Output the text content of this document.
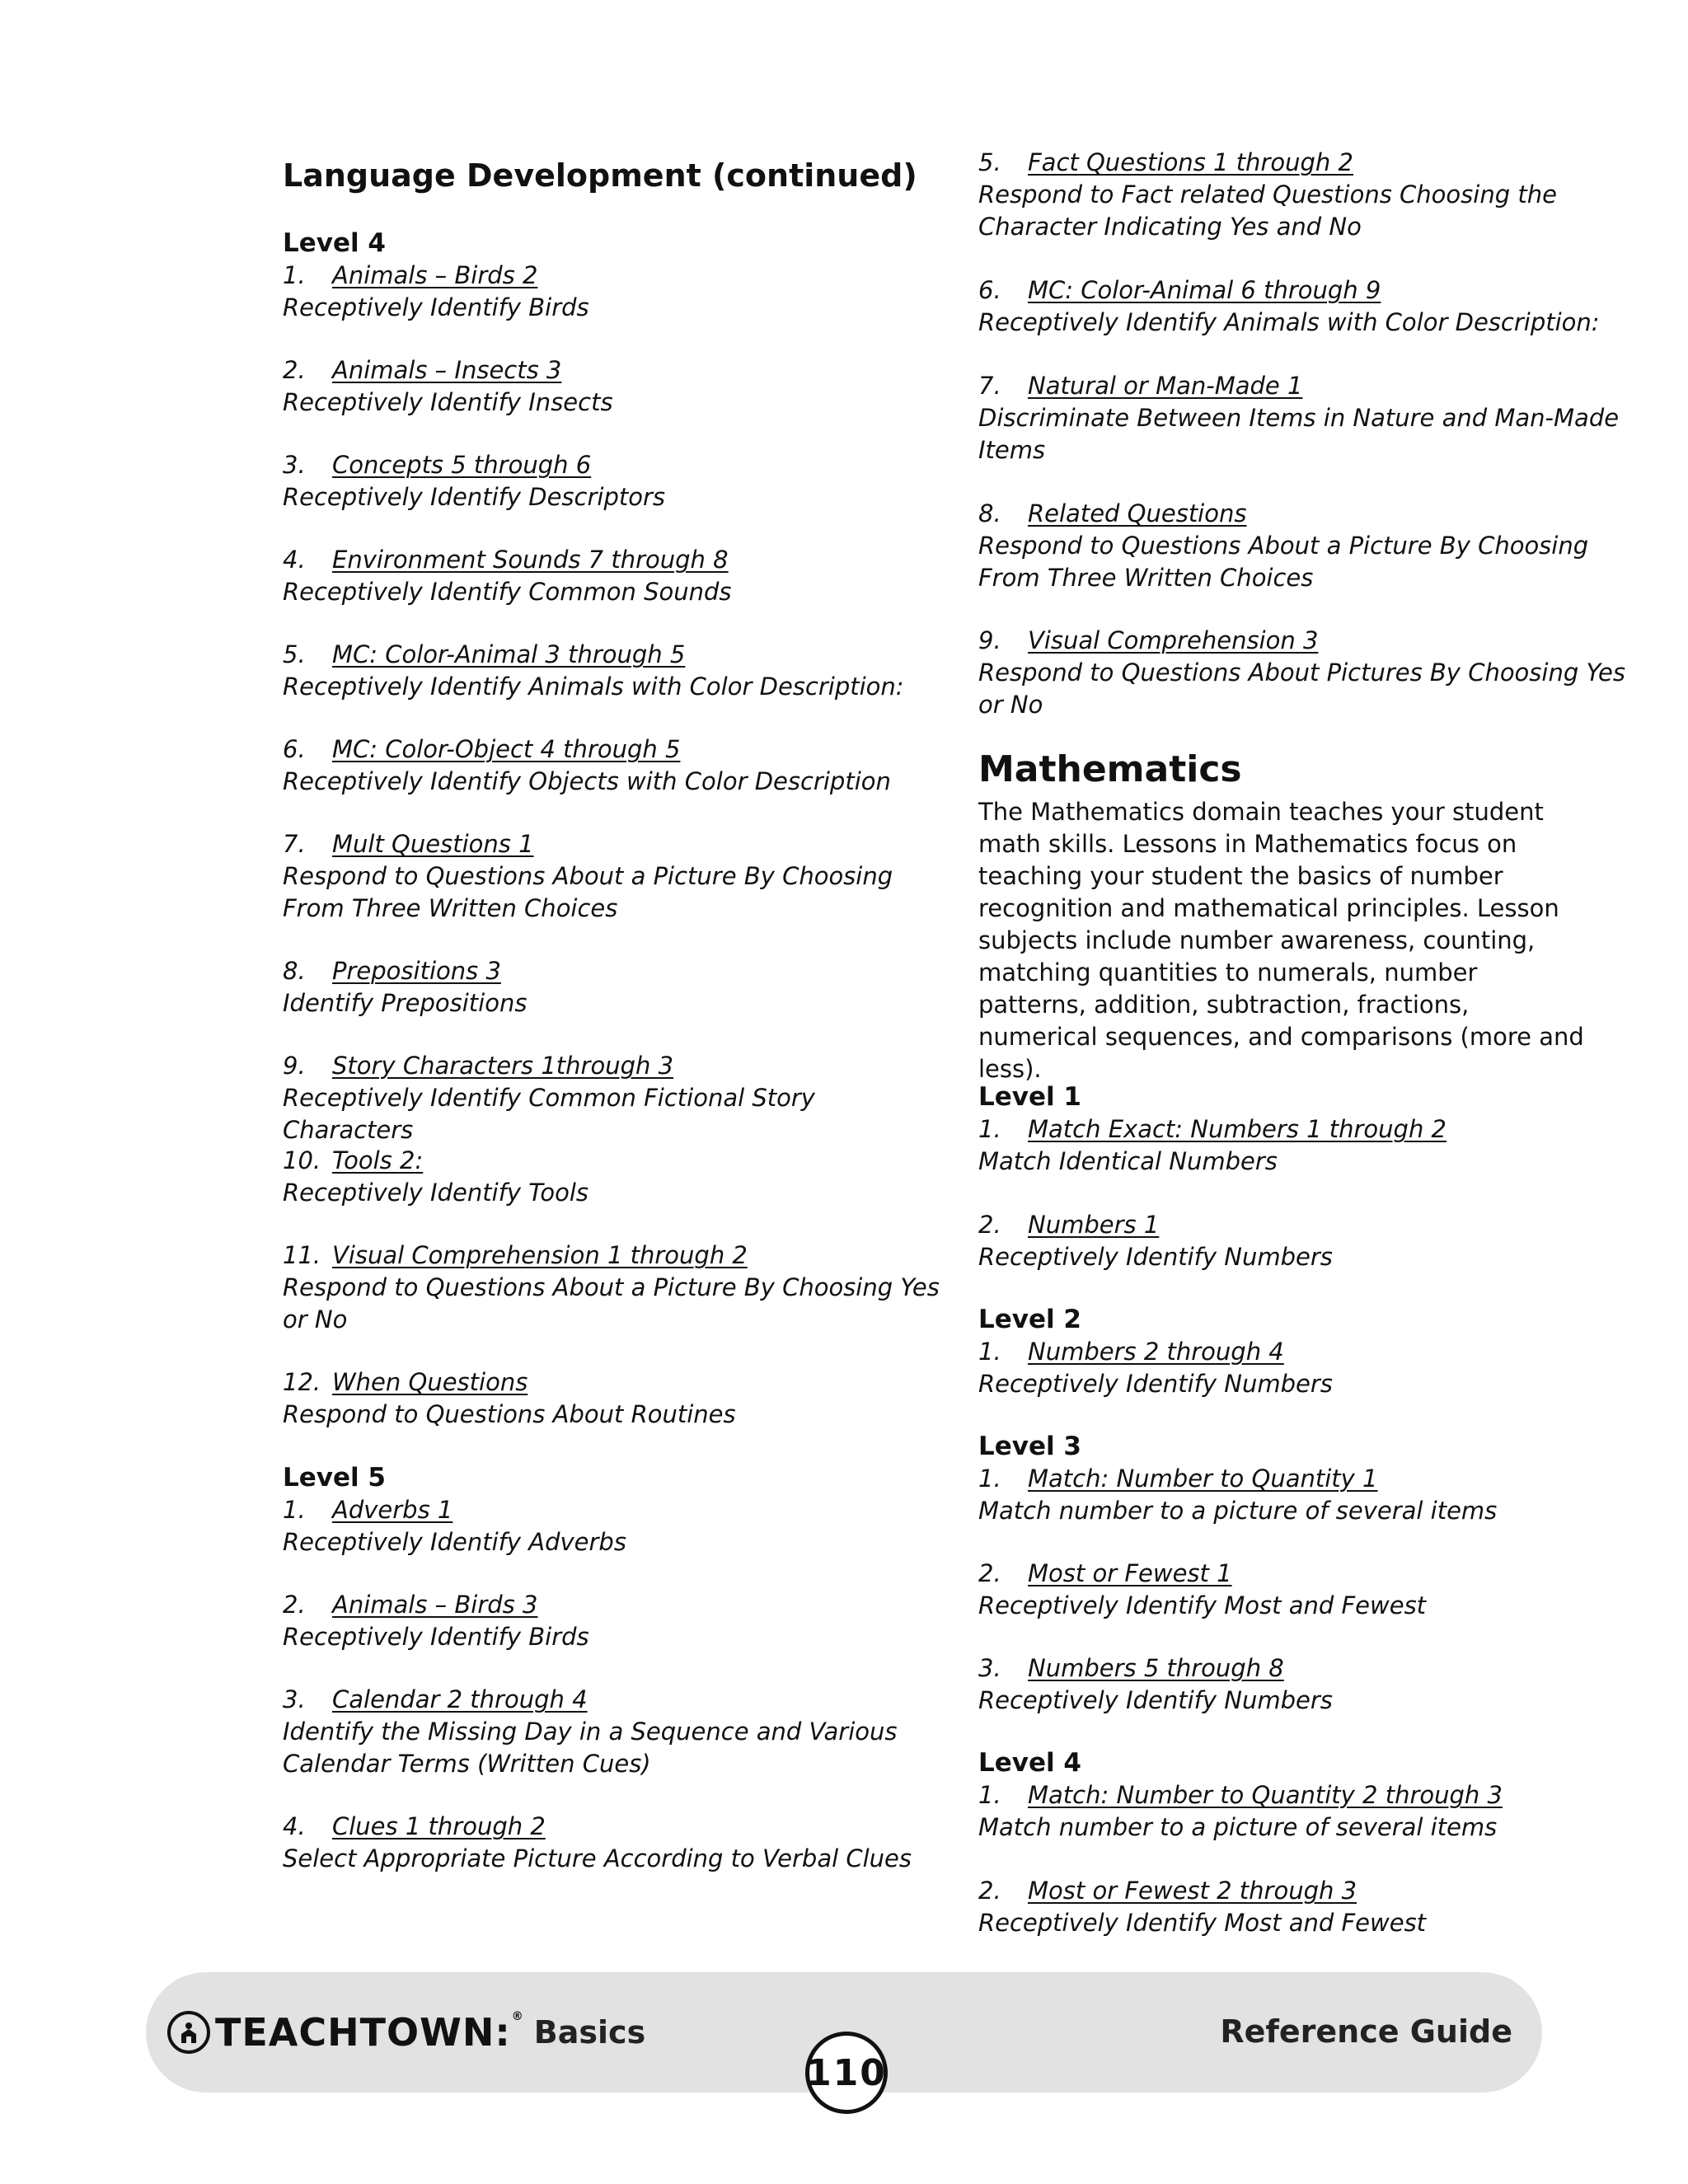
Language Development (continued)
Level 4
1. Animals – Birds 2
Receptively Identify Birds
2. Animals – Insects 3
Receptively Identify Insects
3. Concepts 5 through 6
Receptively Identify Descriptors
4. Environment Sounds 7 through 8
Receptively Identify Common Sounds
5. MC: Color-Animal 3 through 5
Receptively Identify Animals with Color Description:
6. MC: Color-Object 4 through 5
Receptively Identify Objects with Color Description
7. Mult Questions 1
Respond to Questions About a Picture By Choosing From Three Written Choices
8. Prepositions 3
Identify Prepositions
9. Story Characters 1through 3
Receptively Identify Common Fictional Story Characters
10. Tools 2:
Receptively Identify Tools
11. Visual Comprehension 1 through 2
Respond to Questions About a Picture By Choosing Yes or No
12. When Questions
Respond to Questions About Routines
Level 5
1. Adverbs 1
Receptively Identify Adverbs
2. Animals – Birds 3
Receptively Identify Birds
3. Calendar 2 through 4
Identify the Missing Day in a Sequence and Various Calendar Terms (Written Cues)
4. Clues 1 through 2
Select Appropriate Picture According to Verbal Clues
5. Fact Questions 1 through 2
Respond to Fact related Questions Choosing the Character Indicating Yes and No
6. MC: Color-Animal 6 through 9
Receptively Identify Animals with Color Description:
7. Natural or Man-Made 1
Discriminate Between Items in Nature and Man-Made Items
8. Related Questions
Respond to Questions About a Picture By Choosing From Three Written Choices
9. Visual Comprehension 3
Respond to Questions About Pictures By Choosing Yes or No
Mathematics
The Mathematics domain teaches your student math skills. Lessons in Mathematics focus on teaching your student the basics of number recognition and mathematical principles. Lesson subjects include number awareness, counting, matching quantities to numerals, number patterns, addition, subtraction, fractions, numerical sequences, and comparisons (more and less).
Level 1
1. Match Exact: Numbers 1 through 2
Match Identical Numbers
2. Numbers 1
Receptively Identify Numbers
Level 2
1. Numbers 2 through 4
Receptively Identify Numbers
Level 3
1. Match: Number to Quantity 1
Match number to a picture of several items
2. Most or Fewest 1
Receptively Identify Most and Fewest
3. Numbers 5 through 8
Receptively Identify Numbers
Level 4
1. Match: Number to Quantity 2 through 3
Match number to a picture of several items
2. Most or Fewest 2 through 3
Receptively Identify Most and Fewest
TEACHTOWN:® Basics	Reference Guide
110
